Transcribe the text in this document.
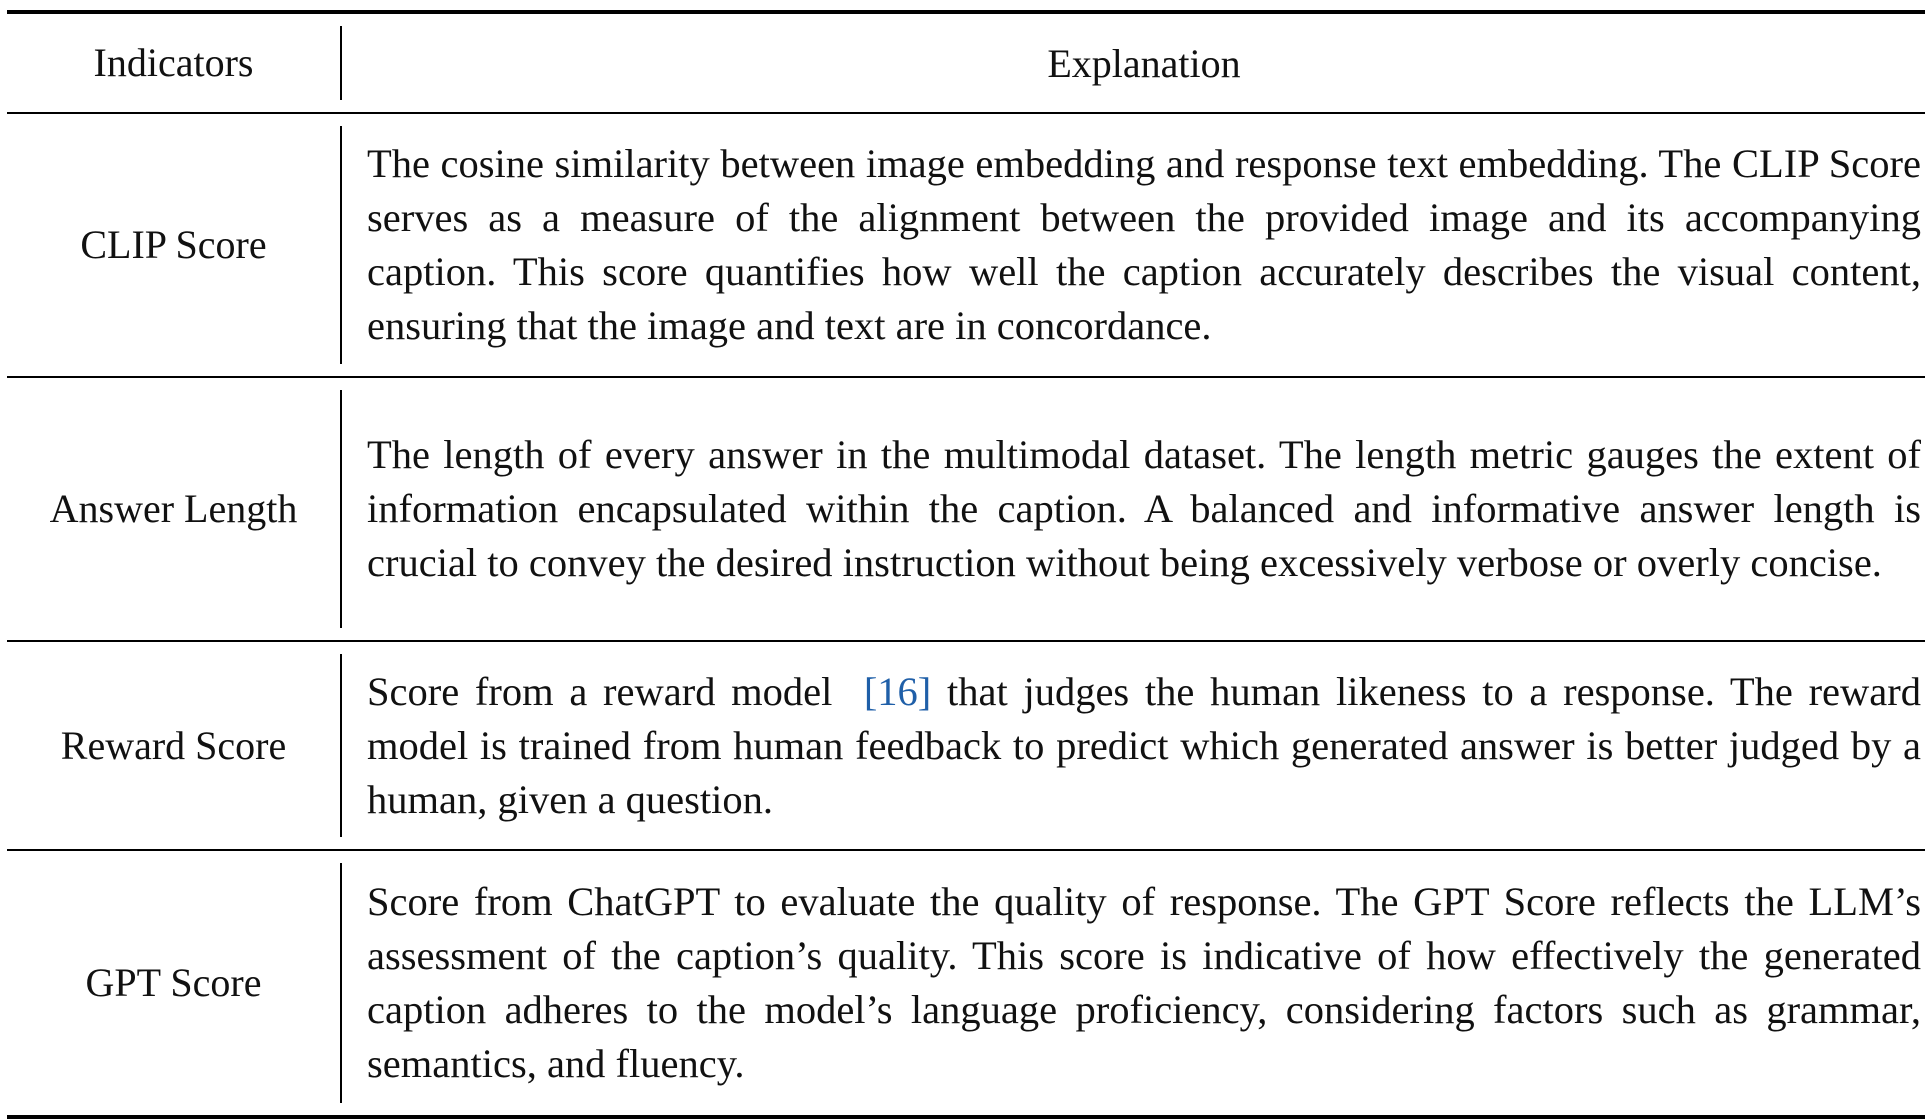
Indicators	Explanation
CLIP Score

The cosine similarity between image embedding and response text embedding. The CLIP Score serves as a measure of the alignment between the provided image and its accompanying caption. This score quantifies how well the caption accurately describes the visual content, ensuring that the image and text are in concordance.

Answer Length

The length of every answer in the multimodal dataset. The length metric gauges the extent of information encapsulated within the caption. A balanced and informative answer length is crucial to convey the desired instruction without being excessively verbose or overly concise.

Reward Score

Score from a reward model  [16] that judges the human likeness to a response. The reward model is trained from human feedback to predict which generated answer is better judged by a human, given a question.

GPT Score

Score from ChatGPT to evaluate the quality of response. The GPT Score reflects the LLM’s assessment of the caption’s quality. This score is indicative of how effectively the generated caption adheres to the model’s language proficiency, considering factors such as grammar, semantics, and fluency.
